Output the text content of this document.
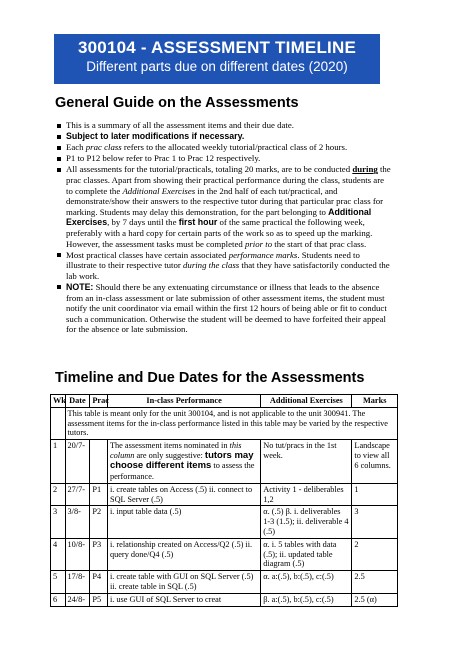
300104 - ASSESSMENT TIMELINE
Different parts due on different dates (2020)
General Guide on the Assessments
This is a summary of all the assessment items and their due date.
Subject to later modifications if necessary.
Each prac class refers to the allocated weekly tutorial/practical class of 2 hours.
P1 to P12 below refer to Prac 1 to Prac 12 respectively.
All assessments for the tutorial/practicals, totaling 20 marks, are to be conducted during the prac classes. Apart from showing their practical performance during the class, students are to complete the Additional Exercises in the 2nd half of each tut/practical, and demonstrate/show their answers to the respective tutor during that particular prac class for marking. Students may delay this demonstration, for the part belonging to Additional Exercises, by 7 days until the first hour of the same practical the following week, preferably with a hard copy for certain parts of the work so as to speed up the marking. However, the assessment tasks must be completed prior to the start of that prac class.
Most practical classes have certain associated performance marks. Students need to illustrate to their respective tutor during the class that they have satisfactorily conducted the lab work.
NOTE: Should there be any extenuating circumstance or illness that leads to the absence from an in-class assessment or late submission of other assessment items, the student must notify the unit coordinator via email within the first 12 hours of being able or fit to conduct such a communication. Otherwise the student will be deemed to have forfeited their appeal for the absence or late submission.
Timeline and Due Dates for the Assessments
Wk	Date	Prac	In-class Performance	Additional Exercises	Marks
	This table is meant only for the unit 300104, and is not applicable to the unit 300941. The assessment items for the in-class performance listed in this table may be varied by the respective tutors.				
1	20/7-		The assessment items nominated in this column are only suggestive: tutors may choose different items to assess the performance.	No tut/pracs in the 1st week.	Landscape to view all 6 columns.
2	27/7-	P1	i. create tables on Access (.5) ii. connect to SQL Server (.5)	Activity 1 - deliberables 1,2	1
3	3/8-	P2	i. input table data (.5)	α. (.5) β. i. deliverables 1-3 (1.5); ii. deliverable 4 (.5)	3
4	10/8-	P3	i. relationship created on Access/Q2 (.5) ii. query done/Q4 (.5)	α. i. 5 tables with data (.5); ii. updated table diagram (.5)	2
5	17/8-	P4	i. create table with GUI on SQL Server (.5) ii. create table in SQL (.5)	α. a:(.5), b:(.5), c:(.5)	2.5
6	24/8-	P5	i. use GUI of SQL Server to creat	β. a:(.5), b:(.5), c:(.5)	2.5 (α)
